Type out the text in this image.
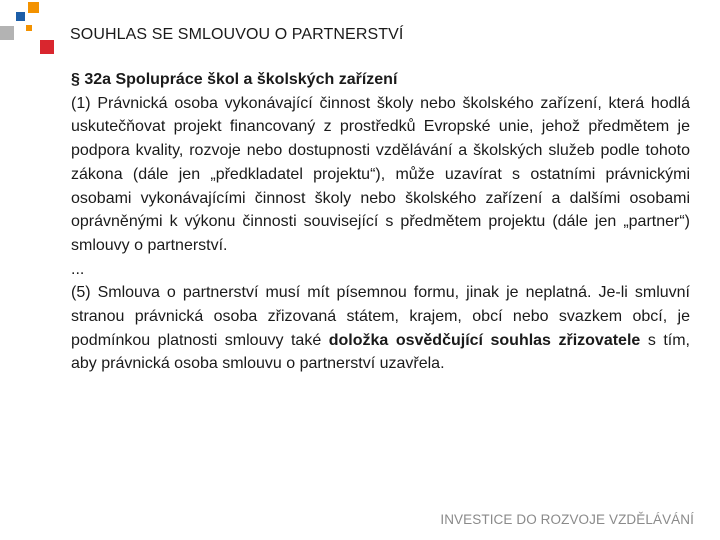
SOUHLAS SE SMLOUVOU O PARTNERSTVÍ

§ 32a Spolupráce škol a školských zařízení

(1) Právnická osoba vykonávající činnost školy nebo školského zařízení, která hodlá uskutečňovat projekt financovaný z prostředků Evropské unie, jehož předmětem je podpora kvality, rozvoje nebo dostupnosti vzdělávání a školských služeb podle tohoto zákona (dále jen „předkladatel projektu“), může uzavírat s ostatními právnickými osobami vykonávajícími činnost školy nebo školského zařízení a dalšími osobami oprávněnými k výkonu činnosti související s předmětem projektu (dále jen „partner“) smlouvy o partnerství.

...

(5) Smlouva o partnerství musí mít písemnou formu, jinak je neplatná. Je-li smluvní stranou právnická osoba zřizovaná státem, krajem, obcí nebo svazkem obcí, je podmínkou platnosti smlouvy také doložka osvědčující souhlas zřizovatele s tím, aby právnická osoba smlouvu o partnerství uzavřela.

INVESTICE DO ROZVOJE VZDĚLÁVÁNÍ
